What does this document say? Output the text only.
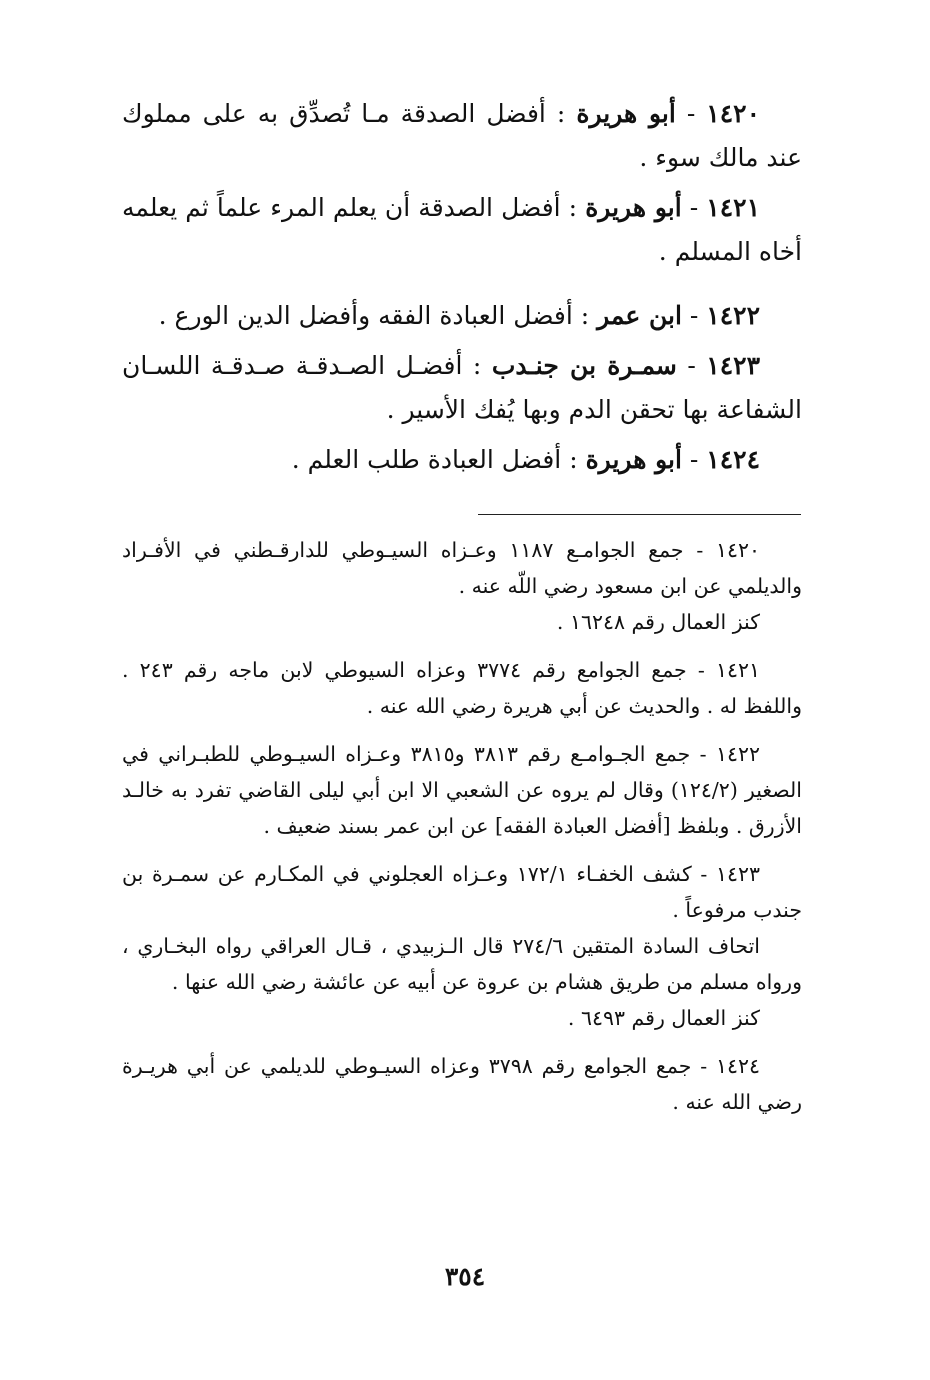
١٤٢٠ - أبو هريرة : أفضل الصدقة مـا تُصدِّق به على مملوك عند مالك سوء .

١٤٢١ - أبو هريرة : أفضل الصدقة أن يعلم المرء علماً ثم يعلمه أخاه المسلم .

١٤٢٢ - ابن عمر : أفضل العبادة الفقه وأفضل الدين الورع .

١٤٢٣ - سمـرة بن جنـدب : أفضـل الصـدقـة صـدقـة اللسـان الشفاعة بها تحقن الدم وبها يُفك الأسير .

١٤٢٤ - أبو هريرة : أفضل العبادة طلب العلم .

١٤٢٠ - جمع الجوامـع ١١٨٧ وعـزاه السيـوطي للدارقـطني في الأفـراد والديلمي عن ابن مسعود رضي اللّه عنه .

كنز العمال رقم ١٦٢٤٨ .

١٤٢١ - جمع الجوامع رقم ٣٧٧٤ وعزاه السيوطي لابن ماجه رقم ٢٤٣ . واللفظ له . والحديث عن أبي هريرة رضي الله عنه .

١٤٢٢ - جمع الجـوامـع رقم ٣٨١٣ و٣٨١٥ وعـزاه السيـوطي للطبـراني في الصغير (١٢٤/٢) وقال لم يروه عن الشعبي الا ابن أبي ليلى القاضي تفرد به خالـد الأزرق . وبلفظ [أفضل العبادة الفقه] عن ابن عمر بسند ضعيف .

١٤٢٣ - كشف الخفـاء ١٧٢/١ وعـزاه العجلوني في المكـارم عن سمـرة بن جندب مرفوعاً .

اتحاف السادة المتقين ٢٧٤/٦ قال الـزبيدي ، قـال العراقي رواه البخـاري ، ورواه مسلم من طريق هشام بن عروة عن أبيه عن عائشة رضي الله عنها .

كنز العمال رقم ٦٤٩٣ .

١٤٢٤ - جمع الجوامع رقم ٣٧٩٨ وعزاه السيـوطي للديلمي عن أبي هريـرة رضي الله عنه .

٣٥٤
